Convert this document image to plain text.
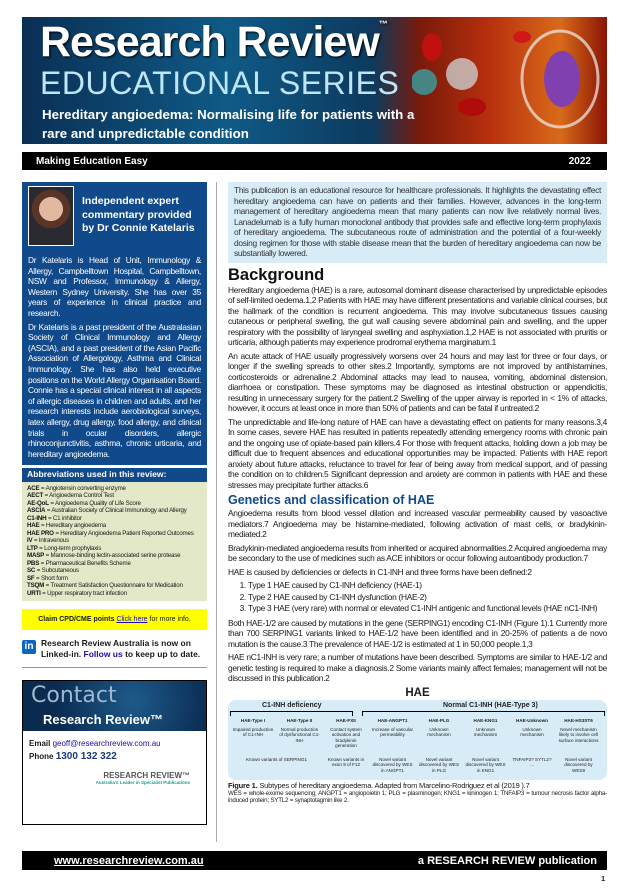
Research Review™
EDUCATIONAL SERIES
Hereditary angioedema: Normalising life for patients with a rare and unpredictable condition
Making Education Easy	2022
Independent expert commentary provided by Dr Connie Katelaris

Dr Katelaris is Head of Unit, Immunology & Allergy, Campbelltown Hospital, Campbelltown, NSW and Professor, Immunology & Allergy, Western Sydney University. She has over 35 years of experience in clinical practice and research.

Dr Katelaris is a past president of the Australasian Society of Clinical Immunology and Allergy (ASCIA), and a past president of the Asian Pacific Association of Allergology, Asthma and Clinical Immunology. She has also held executive positions on the World Allergy Organisation Board. Connie has a special clinical interest in all aspects of allergic diseases in children and adults, and her research interests include aerobiological surveys, latex allergy, drug allergy, food allergy, and clinical trials in ocular disorders, allergic rhinoconjunctivitis, asthma, chronic urticaria, and hereditary angioedema.

Abbreviations used in this review:
ACE = Angiotensin converting enzyme
AECT = Angioedema Control Test
AE-QoL = Angioedema Quality of Life Score
ASCIA = Australian Society of Clinical Immunology and Allergy
C1-INH = C1 inhibitor
HAE = Hereditary angioedema
HAE PRO = Hereditary Angioedema Patient Reported Outcomes
IV = Intravenous
LTP = Long-term prophylaxis
MASP = Mannose-binding lectin-associated serine protease
PBS = Pharmaceutical Benefits Scheme
SC = Subcutaneous
SF = Short form
TSQM = Treatment Satisfaction Questionnaire for Medication
URTI = Upper respiratory tract infection
Claim CPD/CME points Click here for more info.
in Research Review Australia is now on Linked-in. Follow us to keep up to date.
Contact
Research Review™
Email geoff@researchreview.com.au
Phone 1300 132 322
RESEARCH REVIEW™
Australia's Leader in Specialist Publications
This publication is an educational resource for healthcare professionals. It highlights the devastating effect hereditary angioedema can have on patients and their families. However, advances in the long-term management of hereditary angioedema mean that many patients can now live relatively normal lives. Lanadelumab is a fully human monoclonal antibody that provides safe and effective long-term prophylaxis of hereditary angioedema. The subcutaneous route of administration and the potential of a four-weekly dosing regimen for those with stable disease mean that the burden of hereditary angioedema can now be substantially lowered.
Background

Hereditary angioedema (HAE) is a rare, autosomal dominant disease characterised by unpredictable episodes of self-limited oedema.1,2 Patients with HAE may have different presentations and variable clinical courses, but the hallmark of the condition is recurrent angioedema. This may involve subcutaneous tissues causing cutaneous or peripheral swelling, the gut wall causing severe abdominal pain and swelling, and the upper respiratory with the possibility of laryngeal swelling and asphyxiation.1,2 HAE is not associated with pruritis or urticaria, although patients may experience prodromal erythema marginatum.1

An acute attack of HAE usually progressively worsens over 24 hours and may last for three or four days, or longer if the swelling spreads to other sites.2 Importantly, symptoms are not improved by antihistamines, corticosteroids or adrenaline.2 Abdominal attacks may lead to nausea, vomiting, abdominal distension, diarrhoea or constipation. These symptoms may be diagnosed as intestinal obstruction or appendicitis, resulting in unnecessary surgery for the patient.2 Swelling of the upper airway is reported in < 1% of attacks, however, it occurs at least once in more than 50% of patients and can be fatal if untreated.2

The unpredictable and life-long nature of HAE can have a devastating effect on patients for many reasons.3,4 In some cases, severe HAE has resulted in patients repeatedly attending emergency rooms with chronic pain and the ongoing use of opiate-based pain killers.4 For those with frequent attacks, holding down a job may be difficult due to frequent absences and educational opportunities may be impacted. Patients with HAE report anxiety about future attacks, reluctance to travel for fear of being away from medical support, and of passing the condition on to children.5 Significant depression and anxiety are common in patients with HAE and these stresses may precipitate further attacks.6

Genetics and classification of HAE

Angioedema results from blood vessel dilation and increased vascular permeability caused by vasoactive mediators.7 Angioedema may be histamine-mediated, following activation of mast cells, or bradykinin-mediated.2

Bradykinin-mediated angioedema results from inherited or acquired abnormalities.2 Acquired angioedema may be secondary to the use of medicines such as ACE inhibitors or occur following autoantibody production.7

HAE is caused by deficiencies or defects in C1-INH and three forms have been defined:2

1. Type 1 HAE caused by C1-INH deficiency (HAE-1)
2. Type 2 HAE caused by C1-INH dysfunction (HAE-2)
3. Type 3 HAE (very rare) with normal or elevated C1-INH antigenic and functional levels (HAE nC1-INH)

Both HAE-1/2 are caused by mutations in the gene (SERPING1) encoding C1-INH (Figure 1).1 Currently more than 700 SERPING1 variants linked to HAE-1/2 have been identified and in 20-25% of patients a de novo mutation is the cause.3 The prevalence of HAE-1/2 is estimated at 1 in 50,000 people.1,3

HAE nC1-INH is very rare; a number of mutations have been described. Symptoms are similar to HAE-1/2 and genetic testing is required to make a diagnosis.2 Some variants mainly affect females; management will not be discussed in this publication.2

HAE
C1-INH deficiency	Normal C1-INH (HAE-Type 3)
Known variants of SERPING1
HAE-Type I
Impaired production of C1-INH
HAE-Type II
Normal production of dysfunctional C1-INH
HAE-FXII
Contact system activation and bradykinin generation
Known variants in exon 9 of F12
HAE-ANGPT1
Increase of vascular permeability
Novel variant discovered by WES in ANGPT1
HAE-PLG
Unknown mechanism
Novel variant discovered by WES in PLG
HAE-KNG1
Unknown mechanism
Novel variant discovered by WES in KNG1
HAE-Unknown
Unknown mechanism
TNFAIP3? SYTL2? ...
HAE-HS3ST6
Novel mechanism likely to involve cell surface interactions
Novel variant discovered by WES8
Figure 1. Subtypes of hereditary angioedema. Adapted from Marcelino-Rodriguez et al (2019 ).7
WES = whole-exome sequencing; ANGPT1 = angiopoietin 1; PLG = plasminogen; KNG1 = kininogen 1; TNFAIP3 = tumour necrosis factor alpha-induced protein; SYTL2 = synaptotagmin like 2.
www.researchreview.com.au	a RESEARCH REVIEW publication
1
